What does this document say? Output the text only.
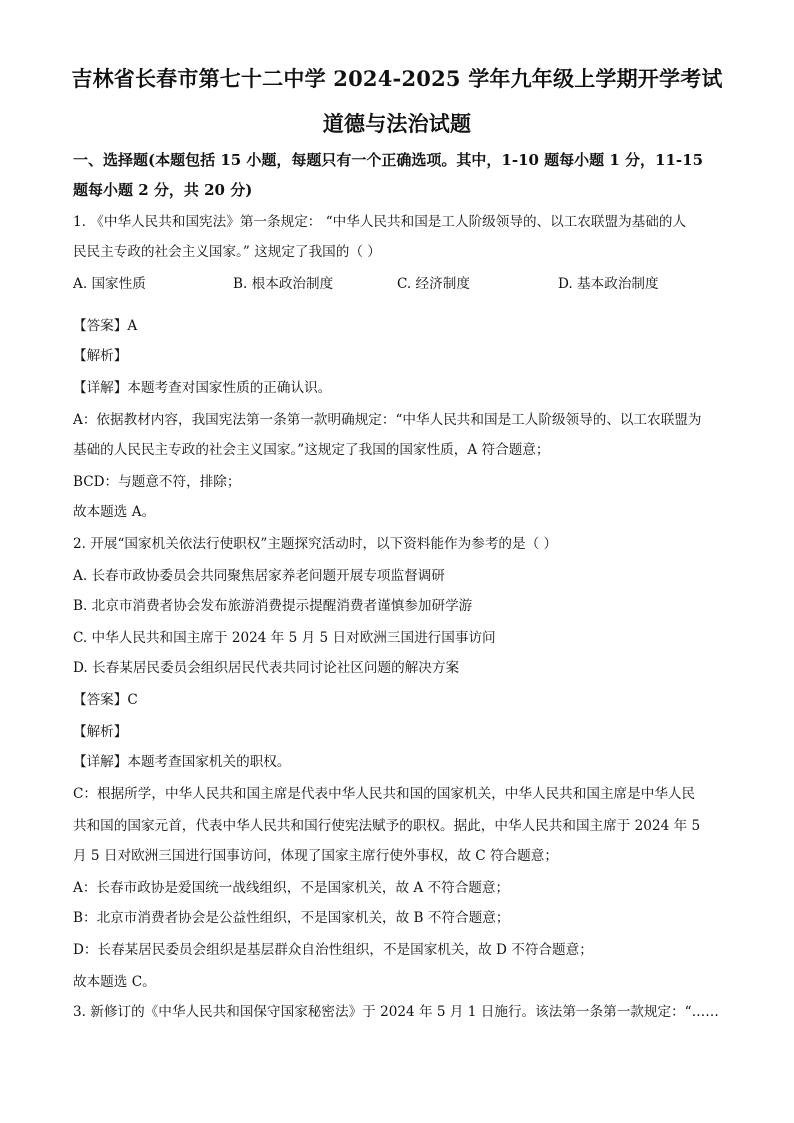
吉林省长春市第七十二中学 2024-2025 学年九年级上学期开学考试
道德与法治试题
一、选择题(本题包括 15 小题，每题只有一个正确选项。其中，1-10 题每小题 1 分，11-15
题每小题 2 分，共 20 分)
1. 《中华人民共和国宪法》第一条规定： “中华人民共和国是工人阶级领导的、以工农联盟为基础的人
民民主专政的社会主义国家。” 这规定了我国的（ ）
A. 国家性质	B. 根本政治制度	C. 经济制度	D. 基本政治制度
【答案】A
【解析】
【详解】本题考查对国家性质的正确认识。
A：依据教材内容，我国宪法第一条第一款明确规定：“中华人民共和国是工人阶级领导的、以工农联盟为
基础的人民民主专政的社会主义国家。”这规定了我国的国家性质，A 符合题意；
BCD：与题意不符，排除；
故本题选 A。
2. 开展“国家机关依法行使职权”主题探究活动时，以下资料能作为参考的是（ ）
A. 长春市政协委员会共同聚焦居家养老问题开展专项监督调研
B. 北京市消费者协会发布旅游消费提示提醒消费者谨慎参加研学游
C. 中华人民共和国主席于 2024 年 5 月 5 日对欧洲三国进行国事访问
D. 长春某居民委员会组织居民代表共同讨论社区问题的解决方案
【答案】C
【解析】
【详解】本题考查国家机关的职权。
C：根据所学，中华人民共和国主席是代表中华人民共和国的国家机关，中华人民共和国主席是中华人民
共和国的国家元首，代表中华人民共和国行使宪法赋予的职权。据此，中华人民共和国主席于 2024 年 5
月 5 日对欧洲三国进行国事访问，体现了国家主席行使外事权，故 C 符合题意；
A：长春市政协是爱国统一战线组织，不是国家机关，故 A 不符合题意；
B：北京市消费者协会是公益性组织，不是国家机关，故 B 不符合题意；
D：长春某居民委员会组织是基层群众自治性组织，不是国家机关，故 D 不符合题意；
故本题选 C。
3. 新修订的《中华人民共和国保守国家秘密法》于 2024 年 5 月 1 日施行。该法第一条第一款规定：“……
